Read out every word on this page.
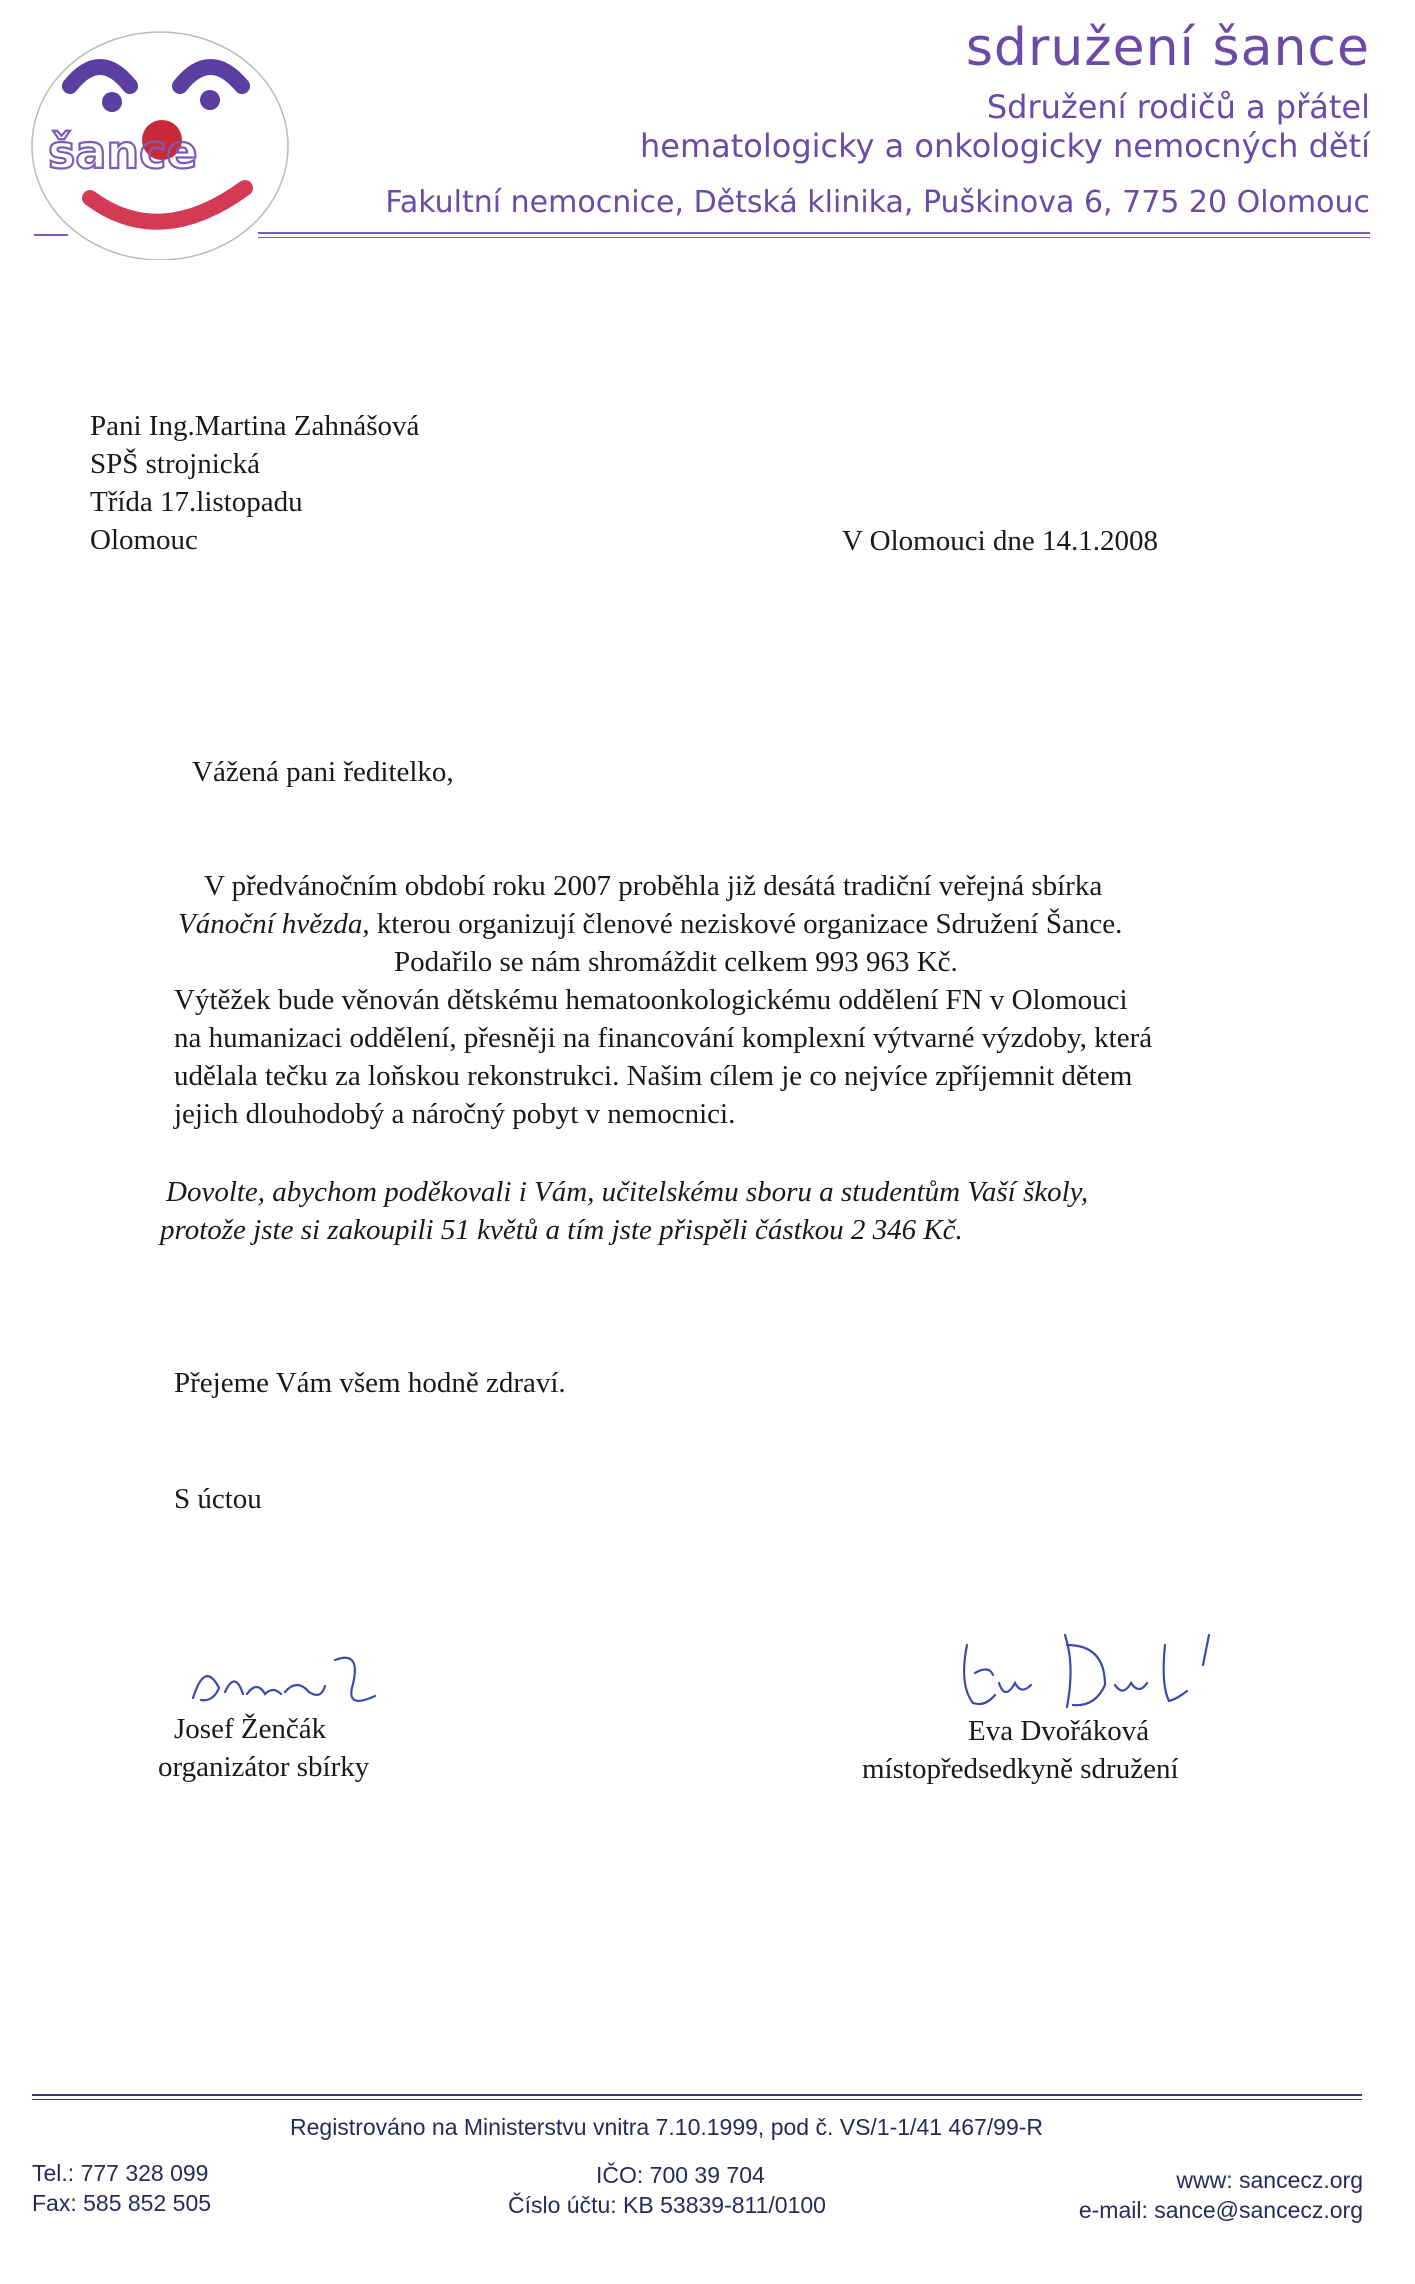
šance
sdružení šance
Sdružení rodičů a přátel
hematologicky a onkologicky nemocných dětí
Fakultní nemocnice, Dětská klinika, Puškinova 6, 775 20 Olomouc
Pani Ing.Martina Zahnášová
SPŠ strojnická
Třída 17.listopadu
Olomouc	V Olomouci dne 14.1.2008
Vážená pani ředitelko,
V předvánočním období roku 2007 proběhla již desátá tradiční veřejná sbírka
Vánoční hvězda, kterou organizují členové neziskové organizace Sdružení Šance.
Podařilo se nám shromáždit celkem 993 963 Kč.
Výtěžek bude věnován dětskému hematoonkologickému oddělení FN v Olomouci
na humanizaci oddělení, přesněji na financování komplexní výtvarné výzdoby, která
udělala tečku za loňskou rekonstrukci. Našim cílem je co nejvíce zpříjemnit dětem
jejich dlouhodobý a náročný pobyt v nemocnici.
Dovolte, abychom poděkovali i Vám, učitelskému sboru a studentům Vaší školy,
protože jste si zakoupili 51 květů a tím jste přispěli částkou 2 346 Kč.
Přejeme Vám všem hodně zdraví.
S úctou
Josef Ženčák
organizátor sbírky
Eva Dvořáková
místopředsedkyně sdružení
Registrováno na Ministerstvu vnitra 7.10.1999, pod č. VS/1-1/41 467/99-R
Tel.: 777 328 099
Fax: 585 852 505
IČO: 700 39 704
Číslo účtu: KB 53839-811/0100
www: sancecz.org
e-mail: sance@sancecz.org
